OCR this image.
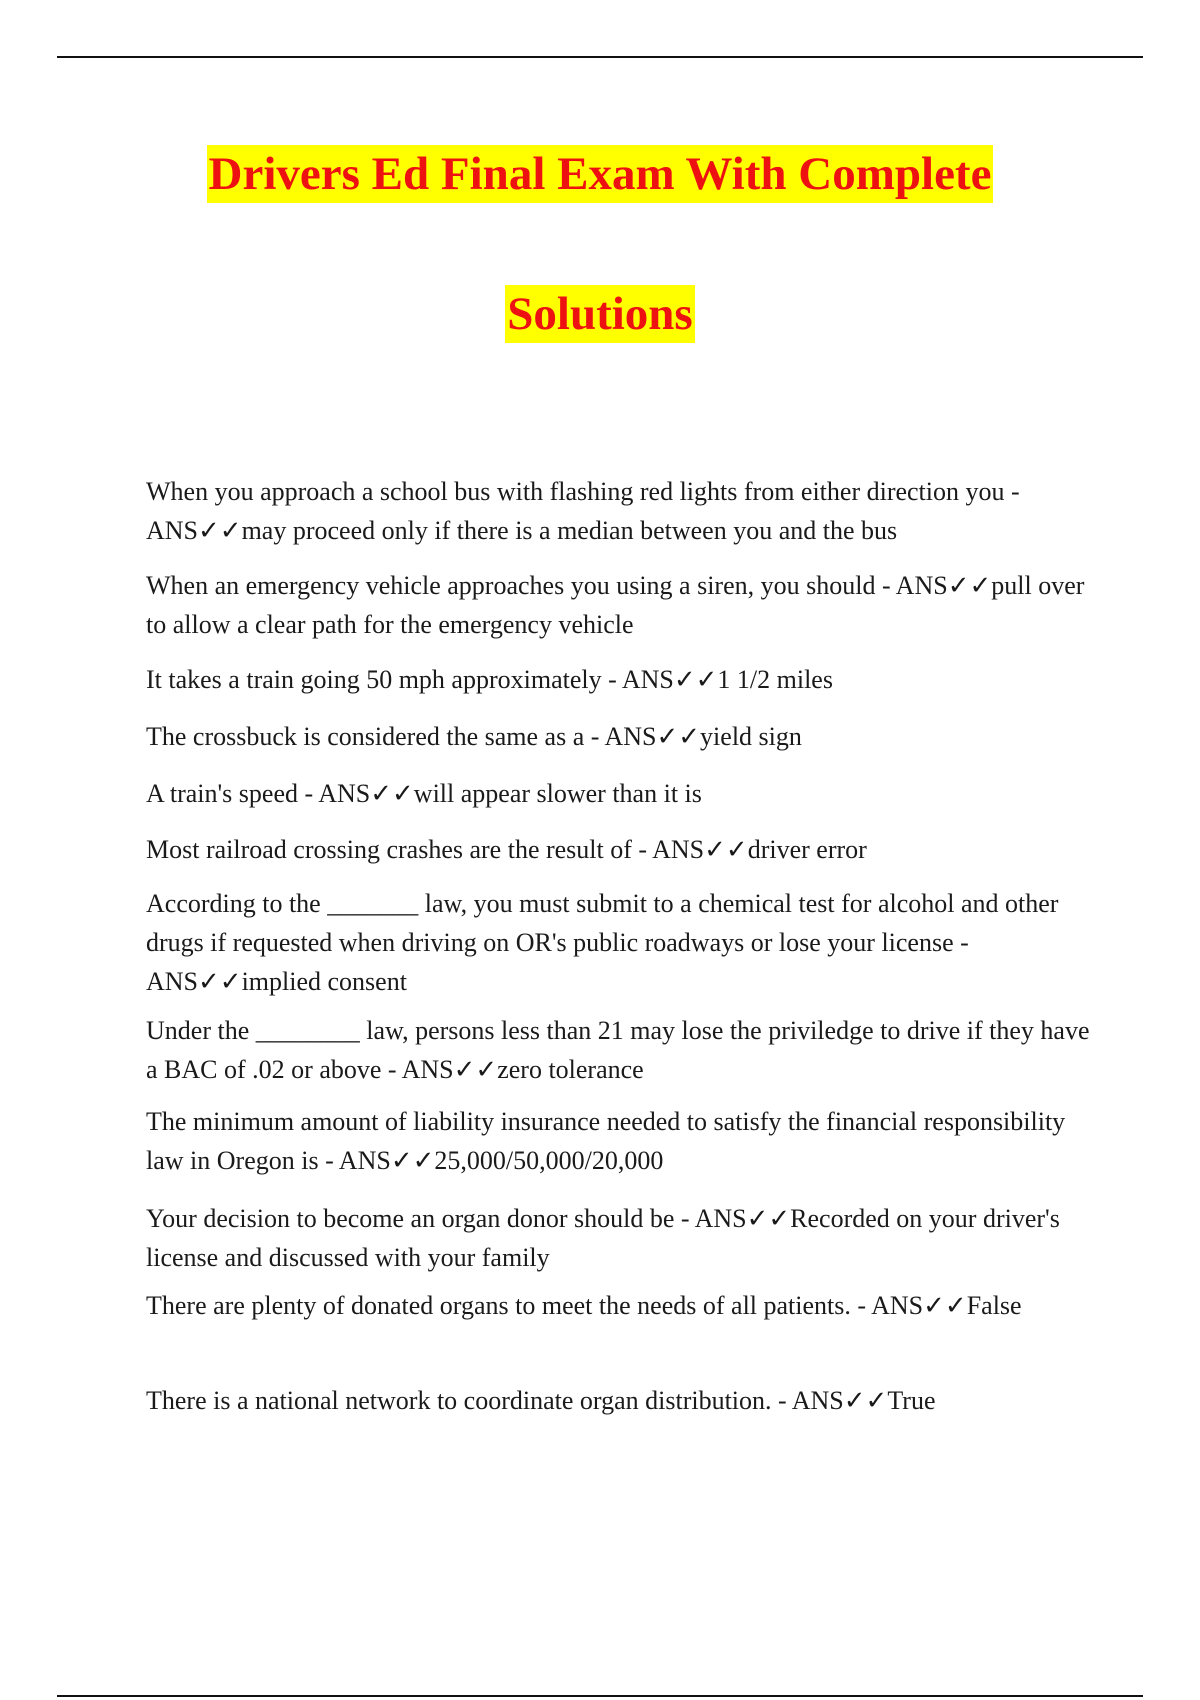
Drivers Ed Final Exam With Complete
Solutions

When you approach a school bus with flashing red lights from either direction you - ANS✓✓may proceed only if there is a median between you and the bus

When an emergency vehicle approaches you using a siren, you should - ANS✓✓pull over to allow a clear path for the emergency vehicle

It takes a train going 50 mph approximately - ANS✓✓1 1/2 miles

The crossbuck is considered the same as a - ANS✓✓yield sign

A train's speed - ANS✓✓will appear slower than it is

Most railroad crossing crashes are the result of - ANS✓✓driver error

According to the _______ law, you must submit to a chemical test for alcohol and other drugs if requested when driving on OR's public roadways or lose your license - ANS✓✓implied consent

Under the ________ law, persons less than 21 may lose the priviledge to drive if they have a BAC of .02 or above - ANS✓✓zero tolerance

The minimum amount of liability insurance needed to satisfy the financial responsibility law in Oregon is - ANS✓✓25,000/50,000/20,000

Your decision to become an organ donor should be - ANS✓✓Recorded on your driver's license and discussed with your family

There are plenty of donated organs to meet the needs of all patients. - ANS✓✓False

There is a national network to coordinate organ distribution. - ANS✓✓True
